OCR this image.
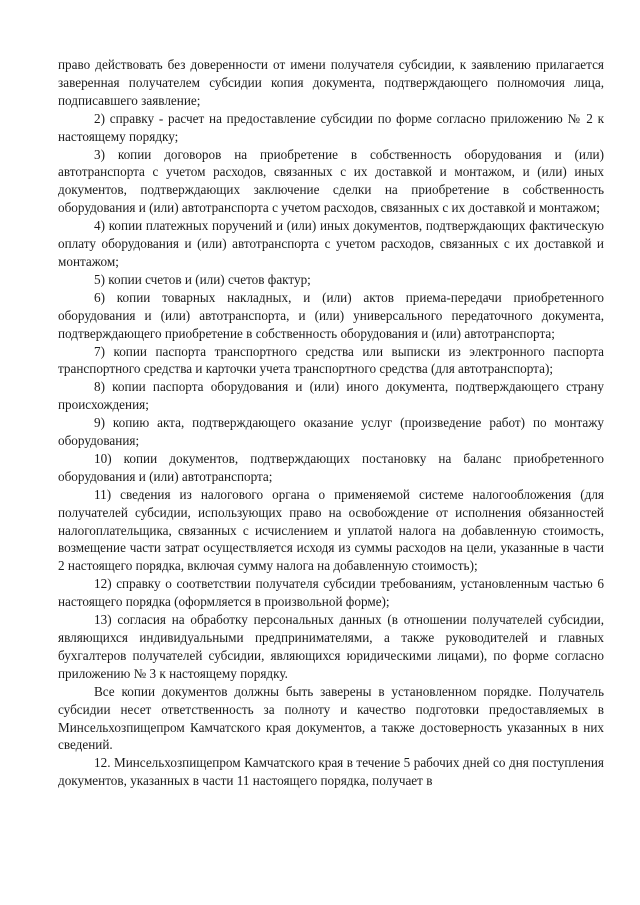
право действовать без доверенности от имени получателя субсидии, к заявлению прилагается заверенная получателем субсидии копия документа, подтверждающего полномочия лица, подписавшего заявление;

2) справку - расчет на предоставление субсидии по форме согласно приложению № 2 к настоящему порядку;

3) копии договоров на приобретение в собственность оборудования и (или) автотранспорта с учетом расходов, связанных с их доставкой и монтажом, и (или) иных документов, подтверждающих заключение сделки на приобретение в собственность оборудования и (или) автотранспорта с учетом расходов, связанных с их доставкой и монтажом;

4) копии платежных поручений и (или) иных документов, подтверждающих фактическую оплату оборудования и (или) автотранспорта с учетом расходов, связанных с их доставкой и монтажом;

5) копии счетов и (или) счетов фактур;

6) копии товарных накладных, и (или) актов приема-передачи приобретенного оборудования и (или) автотранспорта, и (или) универсального передаточного документа, подтверждающего приобретение в собственность оборудования и (или) автотранспорта;

7) копии паспорта транспортного средства или выписки из электронного паспорта транспортного средства и карточки учета транспортного средства (для автотранспорта);

8) копии паспорта оборудования и (или) иного документа, подтверждающего страну происхождения;

9) копию акта, подтверждающего оказание услуг (произведение работ) по монтажу оборудования;

10) копии документов, подтверждающих постановку на баланс приобретенного оборудования и (или) автотранспорта;

11) сведения из налогового органа о применяемой системе налогообложения (для получателей субсидии, использующих право на освобождение от исполнения обязанностей налогоплательщика, связанных с исчислением и уплатой налога на добавленную стоимость, возмещение части затрат осуществляется исходя из суммы расходов на цели, указанные в части 2 настоящего порядка, включая сумму налога на добавленную стоимость);

12) справку о соответствии получателя субсидии требованиям, установленным частью 6 настоящего порядка (оформляется в произвольной форме);

13) согласия на обработку персональных данных (в отношении получателей субсидии, являющихся индивидуальными предпринимателями, а также руководителей и главных бухгалтеров получателей субсидии, являющихся юридическими лицами), по форме согласно приложению № 3 к настоящему порядку.

Все копии документов должны быть заверены в установленном порядке. Получатель субсидии несет ответственность за полноту и качество подготовки предоставляемых в Минсельхозпищепром Камчатского края документов, а также достоверность указанных в них сведений.

12. Минсельхозпищепром Камчатского края в течение 5 рабочих дней со дня поступления документов, указанных в части 11 настоящего порядка, получает в
